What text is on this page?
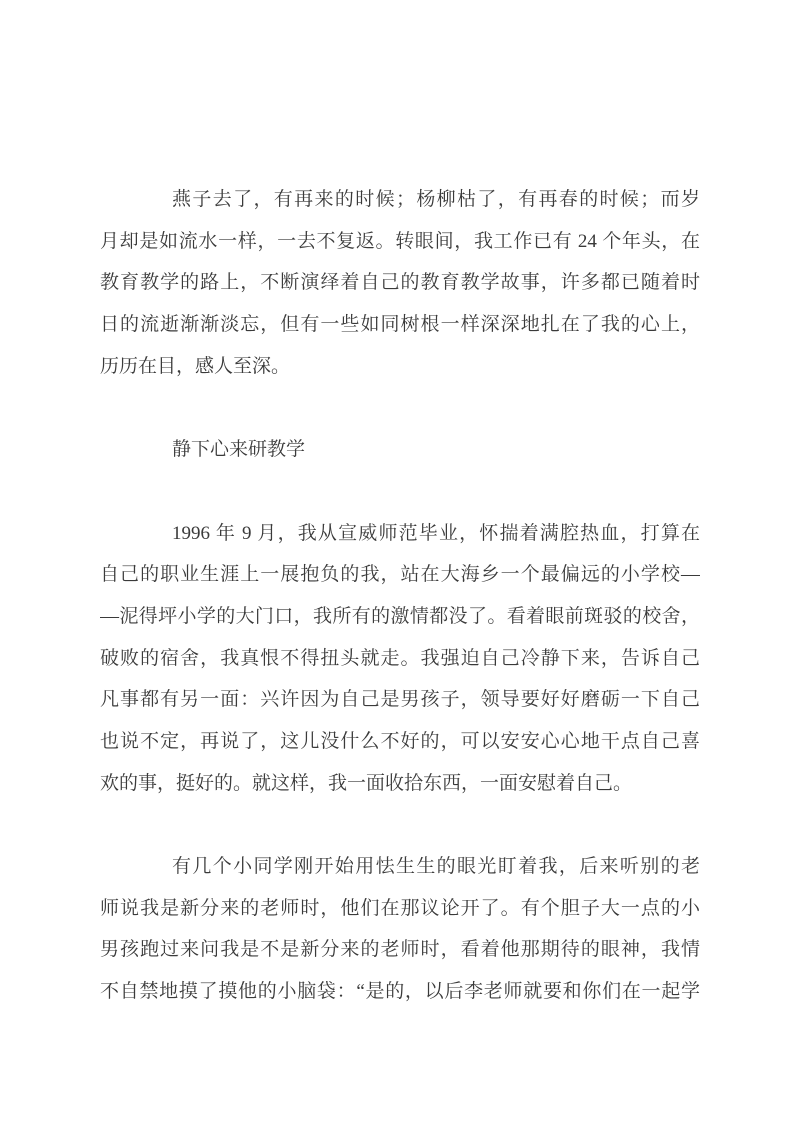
燕子去了，有再来的时候；杨柳枯了，有再春的时候；而岁
月却是如流水一样，一去不复返。转眼间，我工作已有 24 个年头，在
教育教学的路上，不断演绎着自己的教育教学故事，许多都已随着时
日的流逝渐渐淡忘，但有一些如同树根一样深深地扎在了我的心上，
历历在目，感人至深。

静下心来研教学

1996 年 9 月，我从宣威师范毕业，怀揣着满腔热血，打算在
自己的职业生涯上一展抱负的我，站在大海乡一个最偏远的小学校—
—泥得坪小学的大门口，我所有的激情都没了。看着眼前斑驳的校舍，
破败的宿舍，我真恨不得扭头就走。我强迫自己冷静下来，告诉自己
凡事都有另一面：兴许因为自己是男孩子，领导要好好磨砺一下自己
也说不定，再说了，这儿没什么不好的，可以安安心心地干点自己喜
欢的事，挺好的。就这样，我一面收拾东西，一面安慰着自己。

有几个小同学刚开始用怯生生的眼光盯着我，后来听别的老
师说我是新分来的老师时，他们在那议论开了。有个胆子大一点的小
男孩跑过来问我是不是新分来的老师时，看着他那期待的眼神，我情
不自禁地摸了摸他的小脑袋：“是的，以后李老师就要和你们在一起学
